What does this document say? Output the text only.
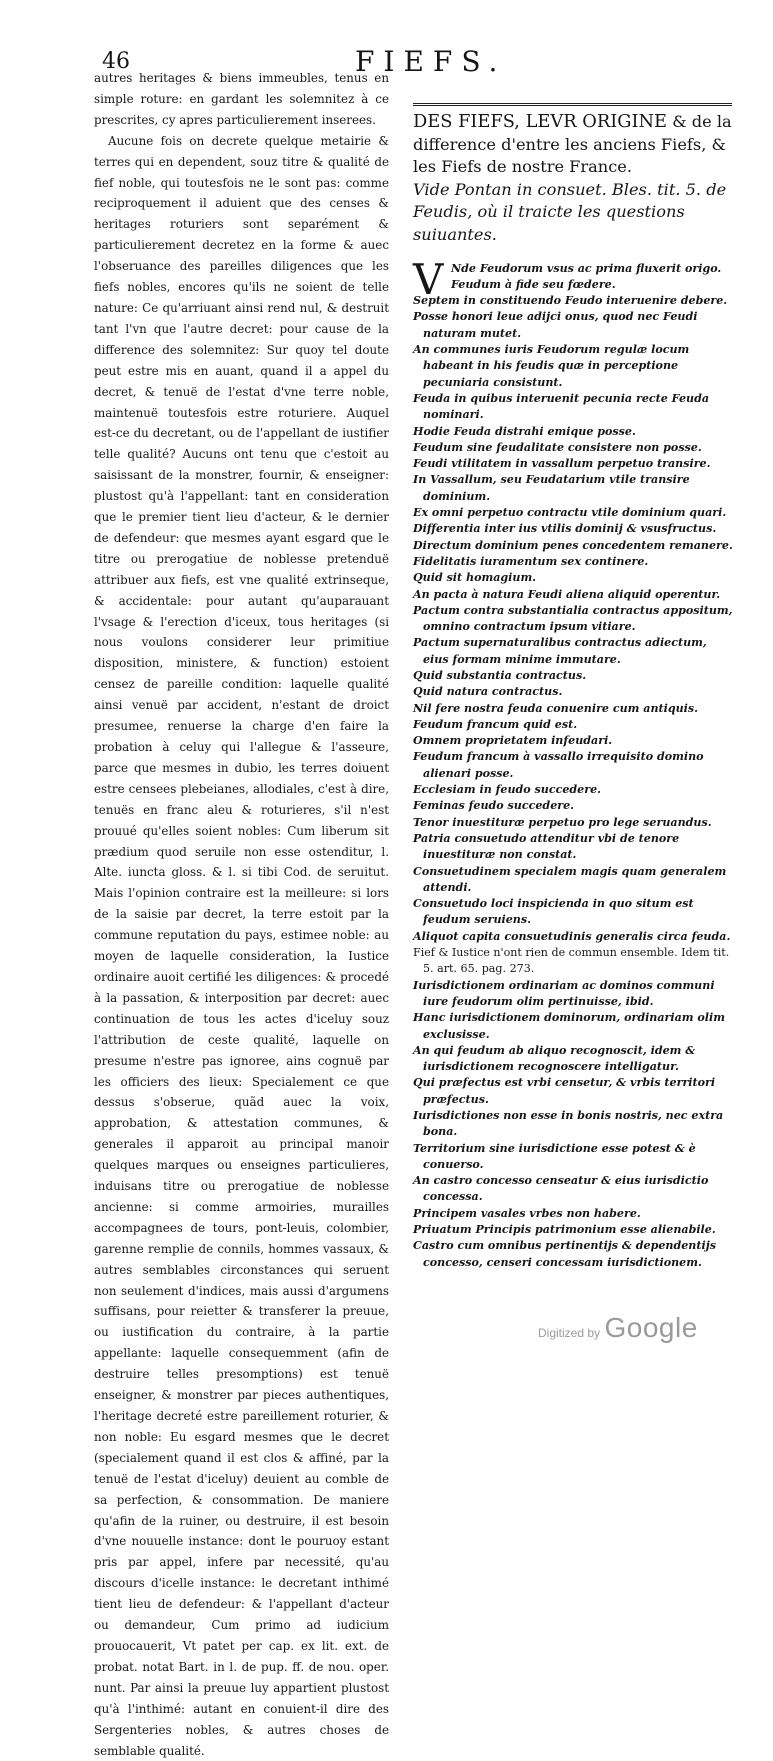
46	FIEFS.

autres heritages & biens immeubles, tenus en simple roture: en gardant les solemnitez à ce prescrites, cy apres particulierement inserees.

Aucune fois on decrete quelque metairie & terres qui en dependent, souz titre & qualité de fief noble, qui toutesfois ne le sont pas: comme reciproquement il aduient que des censes & heritages roturiers sont separément & particulierement decretez en la forme & auec l'obseruance des pareilles diligences que les fiefs nobles, encores qu'ils ne soient de telle nature: Ce qu'arriuant ainsi rend nul, & destruit tant l'vn que l'autre decret: pour cause de la difference des solemnitez: Sur quoy tel doute peut estre mis en auant, quand il a appel du decret, & tenuë de l'estat d'vne terre noble, maintenuë toutesfois estre roturiere. Auquel est-ce du decretant, ou de l'appellant de iustifier telle qualité? Aucuns ont tenu que c'estoit au saisissant de la monstrer, fournir, & enseigner: plustost qu'à l'appellant: tant en consideration que le premier tient lieu d'acteur, & le dernier de defendeur: que mesmes ayant esgard que le titre ou prerogatiue de noblesse pretenduë attribuer aux fiefs, est vne qualité extrinseque, & accidentale: pour autant qu'auparauant l'vsage & l'erection d'iceux, tous heritages (si nous voulons considerer leur primitiue disposition, ministere, & function) estoient censez de pareille condition: laquelle qualité ainsi venuë par accident, n'estant de droict presumee, renuerse la charge d'en faire la probation à celuy qui l'allegue & l'asseure, parce que mesmes in dubio, les terres doiuent estre censees plebeianes, allodiales, c'est à dire, tenuës en franc aleu & roturieres, s'il n'est prouué qu'elles soient nobles: Cum liberum sit prædium quod seruile non esse ostenditur, l. Alte. iuncta gloss. & l. si tibi Cod. de seruitut. Mais l'opinion contraire est la meilleure: si lors de la saisie par decret, la terre estoit par la commune reputation du pays, estimee noble: au moyen de laquelle consideration, la Iustice ordinaire auoit certifié les diligences: & procedé à la passation, & interposition par decret: auec continuation de tous les actes d'iceluy souz l'attribution de ceste qualité, laquelle on presume n'estre pas ignoree, ains cognuë par les officiers des lieux: Specialement ce que dessus s'obserue, quãd auec la voix, approbation, & attestation communes, & generales il apparoit au principal manoir quelques marques ou enseignes particulieres, induisans titre ou prerogatiue de noblesse ancienne: si comme armoiries, murailles accompagnees de tours, pont-leuis, colombier, garenne remplie de connils, hommes vassaux, & autres semblables circonstances qui seruent non seulement d'indices, mais aussi d'argumens suffisans, pour reietter & transferer la preuue, ou iustification du contraire, à la partie appellante: laquelle consequemment (afin de destruire telles presomptions) est tenuë enseigner, & monstrer par pieces authentiques, l'heritage decreté estre pareillement roturier, & non noble: Eu esgard mesmes que le decret (specialement quand il est clos & affiné, par la tenuë de l'estat d'iceluy) deuient au comble de sa perfection, & consommation. De maniere qu'afin de la ruiner, ou destruire, il est besoin d'vne nouuelle instance: dont le pouruoy estant pris par appel, infere par necessité, qu'au discours d'icelle instance: le decretant inthimé tient lieu de defendeur: & l'appellant d'acteur ou demandeur, Cum primo ad iudicium prouocauerit, Vt patet per cap. ex lit. ext. de probat. notat Bart. in l. de pup. ff. de nou. oper. nunt. Par ainsi la preuue luy appartient plustost qu'à l'inthimé: autant en conuient-il dire des Sergenteries nobles, & autres choses de semblable qualité.

DES FIEFS, LEVR ORIGINE & de la difference d'entre les anciens Fiefs, & les Fiefs de nostre France.

Vide Pontan in consuet. Bles. tit. 5. de Feudis, où il traicte les questions suiuantes.

V Nde Feudorum vsus ac prima fluxerit origo.
Feudum à fide seu fœdere.
Septem in constituendo Feudo interuenire debere.
Posse honori leue adijci onus, quod nec Feudi naturam mutet.
An communes iuris Feudorum regulæ locum habeant in his feudis quæ in perceptione pecuniaria consistunt.
Feuda in quibus interuenit pecunia recte Feuda nominari.
Hodie Feuda distrahi emique posse.
Feudum sine feudalitate consistere non posse.
Feudi vtilitatem in vassallum perpetuo transire.
In Vassallum, seu Feudatarium vtile transire dominium.
Ex omni perpetuo contractu vtile dominium quari.
Differentia inter ius vtilis dominij & vsusfructus.
Directum dominium penes concedentem remanere.
Fidelitatis iuramentum sex continere.
Quid sit homagium.
An pacta à natura Feudi aliena aliquid operentur.
Pactum contra substantialia contractus appositum, omnino contractum ipsum vitiare.
Pactum supernaturalibus contractus adiectum, eius formam minime immutare.
Quid substantia contractus.
Quid natura contractus.
Nil fere nostra feuda conuenire cum antiquis.
Feudum francum quid est.
Omnem proprietatem infeudari.
Feudum francum à vassallo irrequisito domino alienari posse.
Ecclesiam in feudo succedere.
Feminas feudo succedere.
Tenor inuestituræ perpetuo pro lege seruandus.
Patria consuetudo attenditur vbi de tenore inuestituræ non constat.
Consuetudinem specialem magis quam generalem attendi.
Consuetudo loci inspicienda in quo situm est feudum seruiens.
Aliquot capita consuetudinis generalis circa feuda.
Fief & Iustice n'ont rien de commun ensemble. Idem tit. 5. art. 65. pag. 273.
Iurisdictionem ordinariam ac dominos communi iure feudorum olim pertinuisse, ibid.
Hanc iurisdictionem dominorum, ordinariam olim exclusisse.
An qui feudum ab aliquo recognoscit, idem & iurisdictionem recognoscere intelligatur.
Qui præfectus est vrbi censetur, & vrbis territori præfectus.
Iurisdictiones non esse in bonis nostris, nec extra bona.
Territorium sine iurisdictione esse potest & è conuerso.
An castro concesso censeatur & eius iurisdictio concessa.
Principem vasales vrbes non habere.
Priuatum Principis patrimonium esse alienabile.
Castro cum omnibus pertinentijs & dependentijs concesso, censeri concessam iurisdictionem.
Digitized by Google
